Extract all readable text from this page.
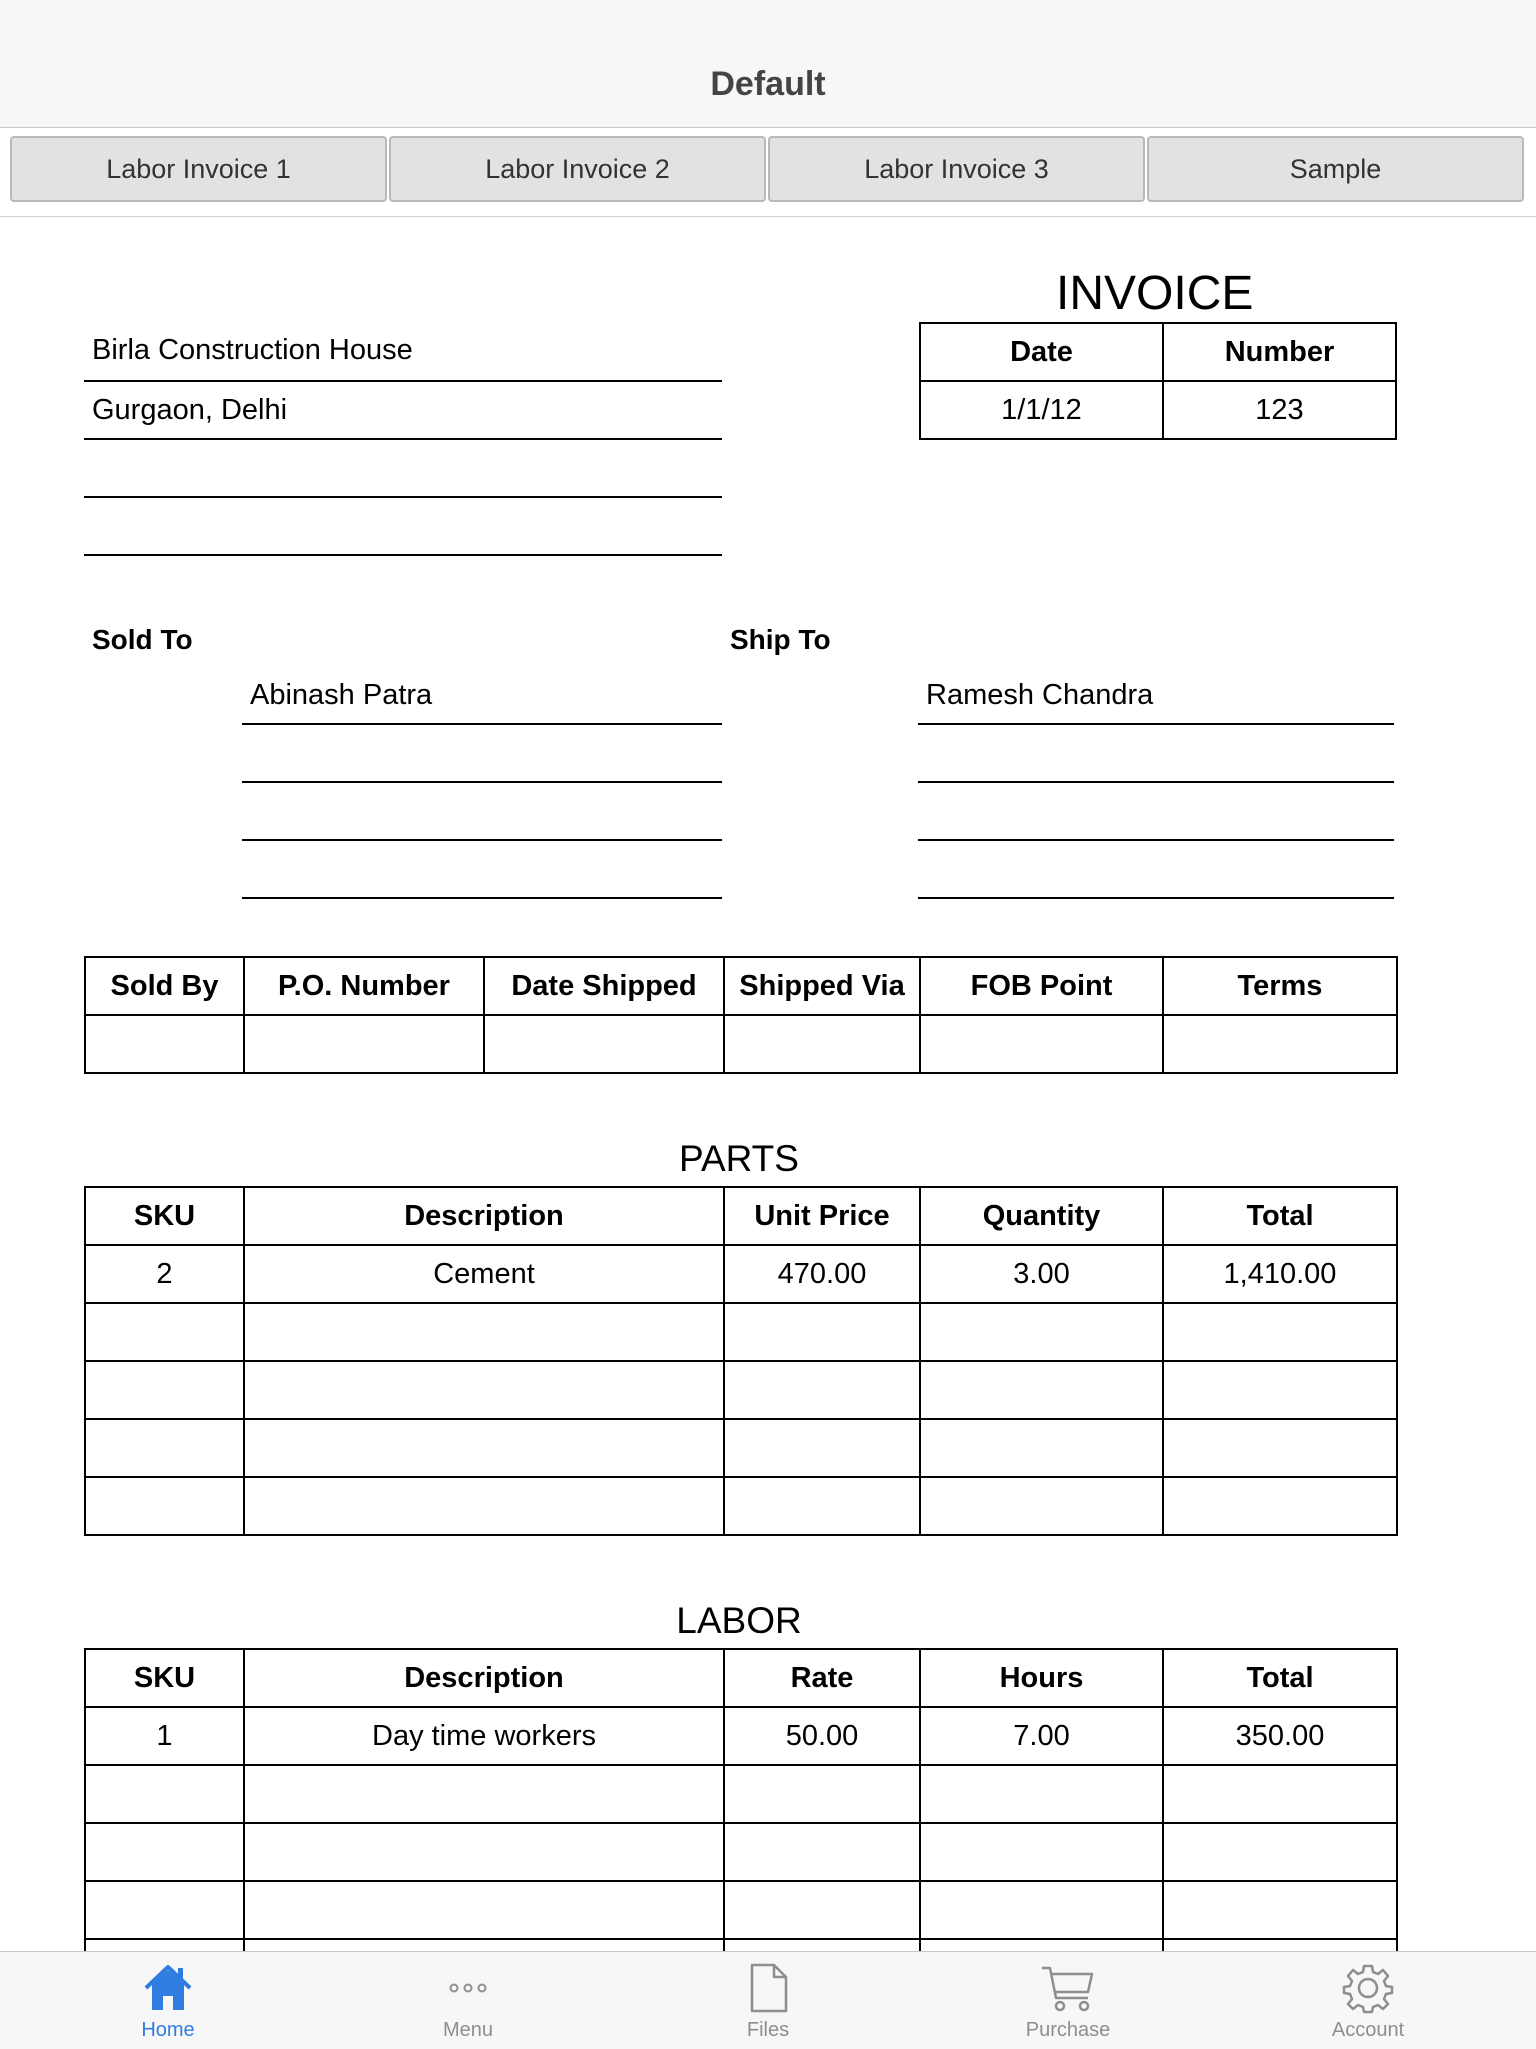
INVOICE
Birla Construction House
Gurgaon, Delhi
Date	Number
1/1/12	123
Sold To	Ship To
Abinash Patra	Ramesh Chandra
Sold By	P.O. Number	Date Shipped	Shipped Via	FOB Point	Terms

PARTS
SKU	Description	Unit Price	Quantity	Total
2	Cement	470.00	3.00	1,410.00

LABOR
SKU	Description	Rate	Hours	Total
1	Day time workers	50.00	7.00	350.00

Default
Labor Invoice 1	Labor Invoice 2	Labor Invoice 3	Sample
Home	Menu	Files	Purchase	Account
